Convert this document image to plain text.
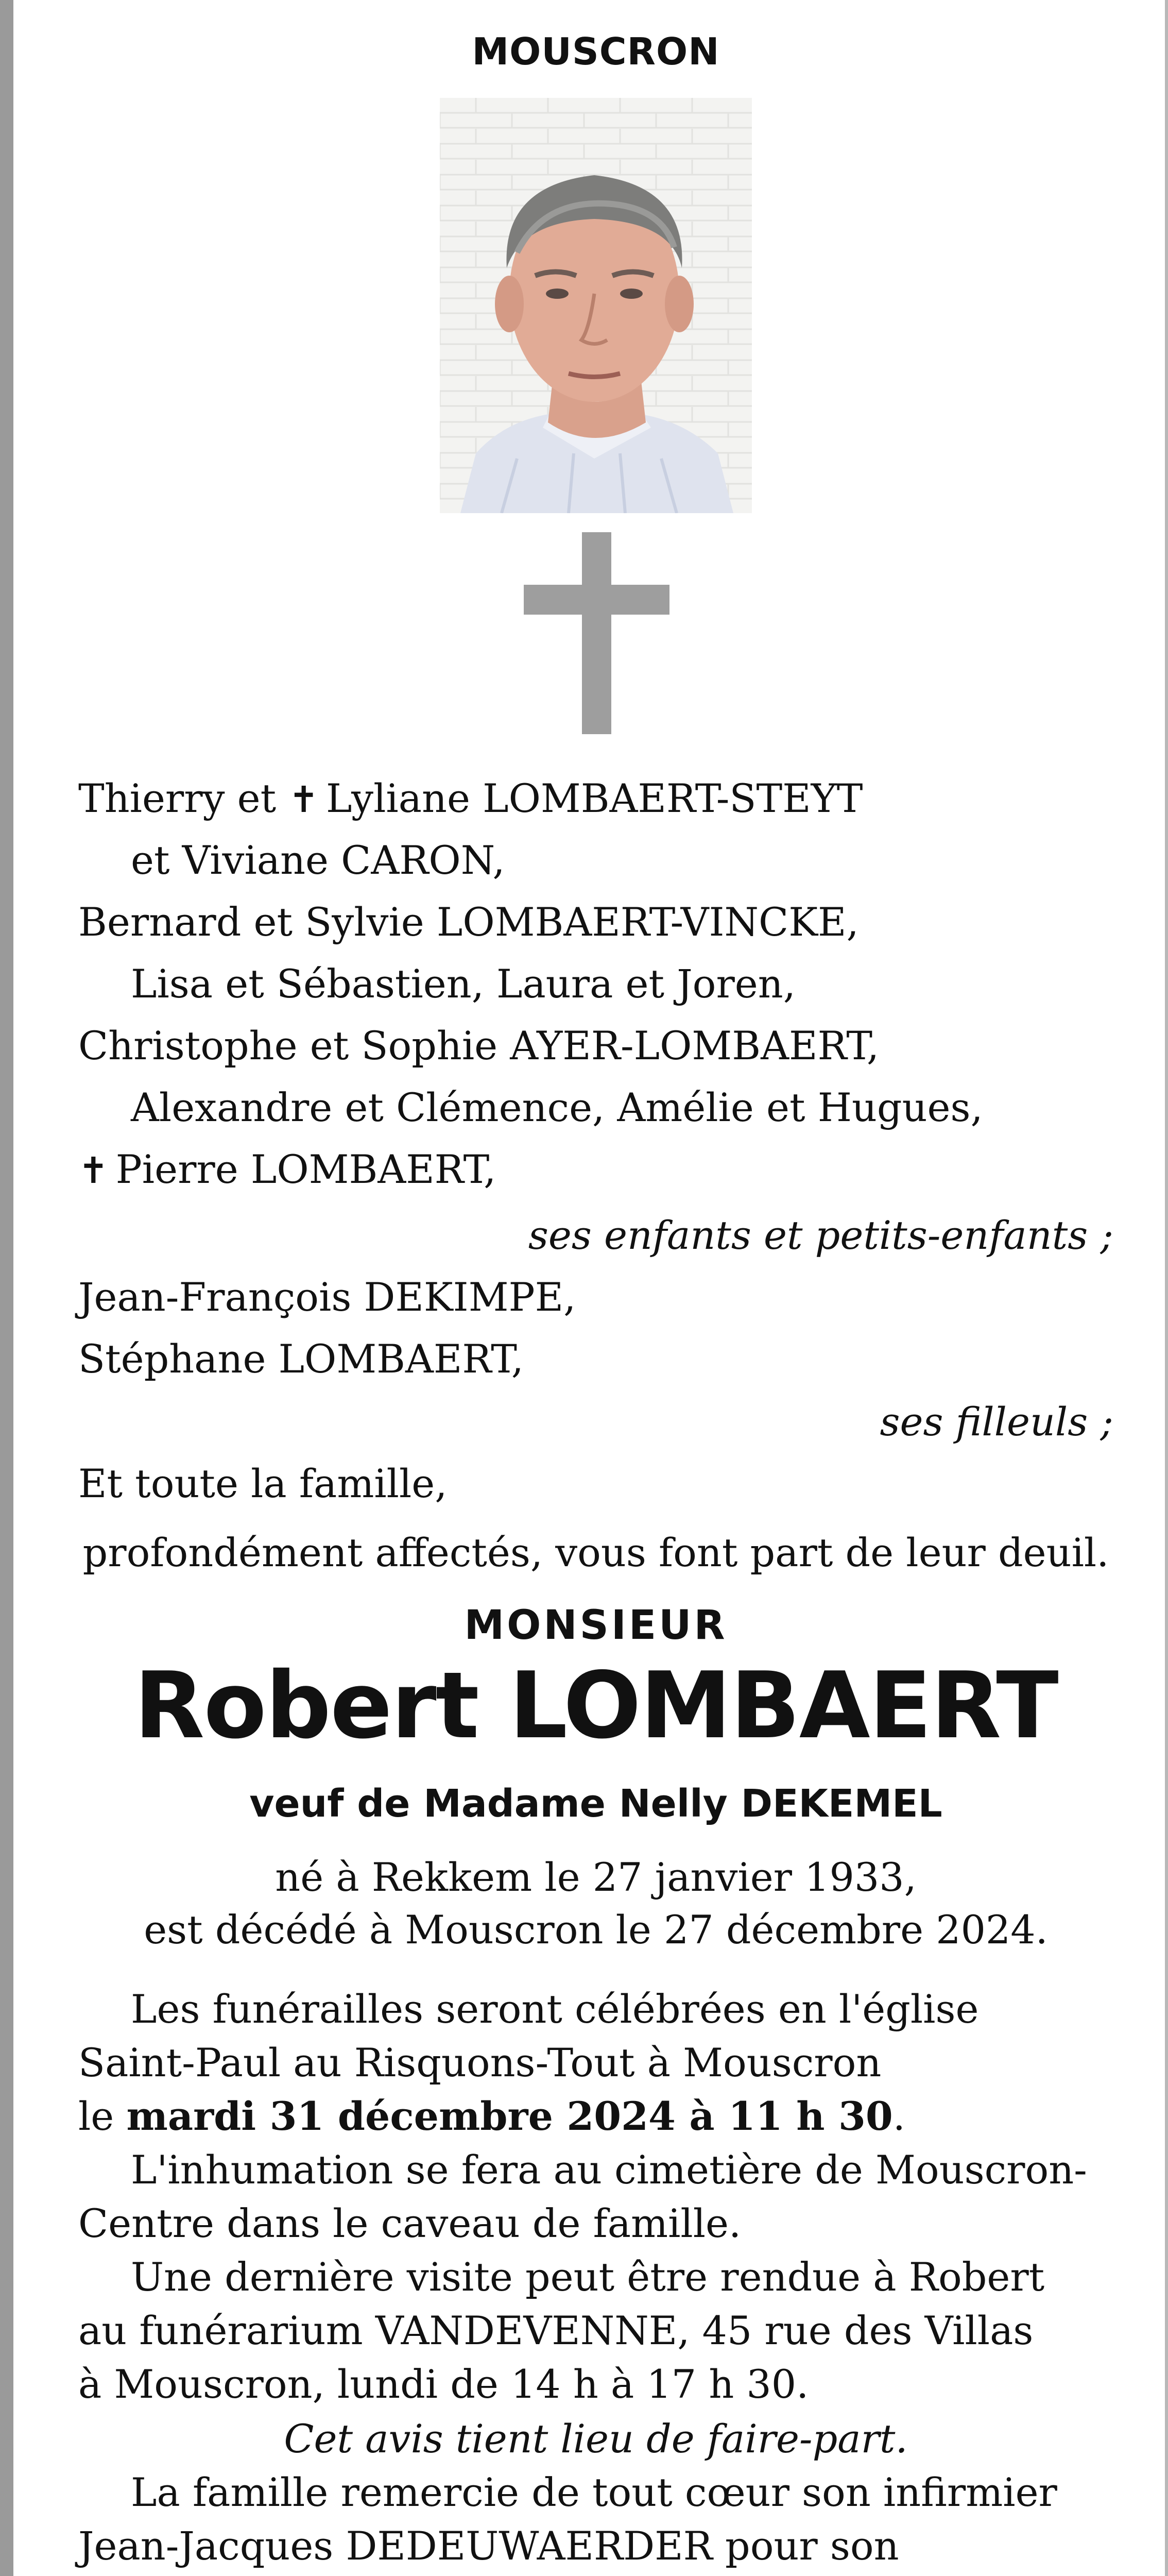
MOUSCRON
Thierry et ✝ Lyliane LOMBAERT-STEYT
et Viviane CARON,
Bernard et Sylvie LOMBAERT-VINCKE,
Lisa et Sébastien, Laura et Joren,
Christophe et Sophie AYER-LOMBAERT,
Alexandre et Clémence, Amélie et Hugues,
✝ Pierre LOMBAERT,
ses enfants et petits-enfants ;
Jean-François DEKIMPE,
Stéphane LOMBAERT,
ses filleuls ;
Et toute la famille,
profondément affectés, vous font part de leur deuil.
MONSIEUR
Robert LOMBAERT
veuf de Madame Nelly DEKEMEL
né à Rekkem le 27 janvier 1933,
est décédé à Mouscron le 27 décembre 2024.
Les funérailles seront célébrées en l'église
Saint-Paul au Risquons-Tout à Mouscron
le mardi 31 décembre 2024 à 11 h 30.
L'inhumation se fera au cimetière de Mouscron-
Centre dans le caveau de famille.
Une dernière visite peut être rendue à Robert
au funérarium VANDEVENNE, 45 rue des Villas
à Mouscron, lundi de 14 h à 17 h 30.
Cet avis tient lieu de faire-part.
La famille remercie de tout cœur son infirmier
Jean-Jacques DEDEUWAERDER pour son
